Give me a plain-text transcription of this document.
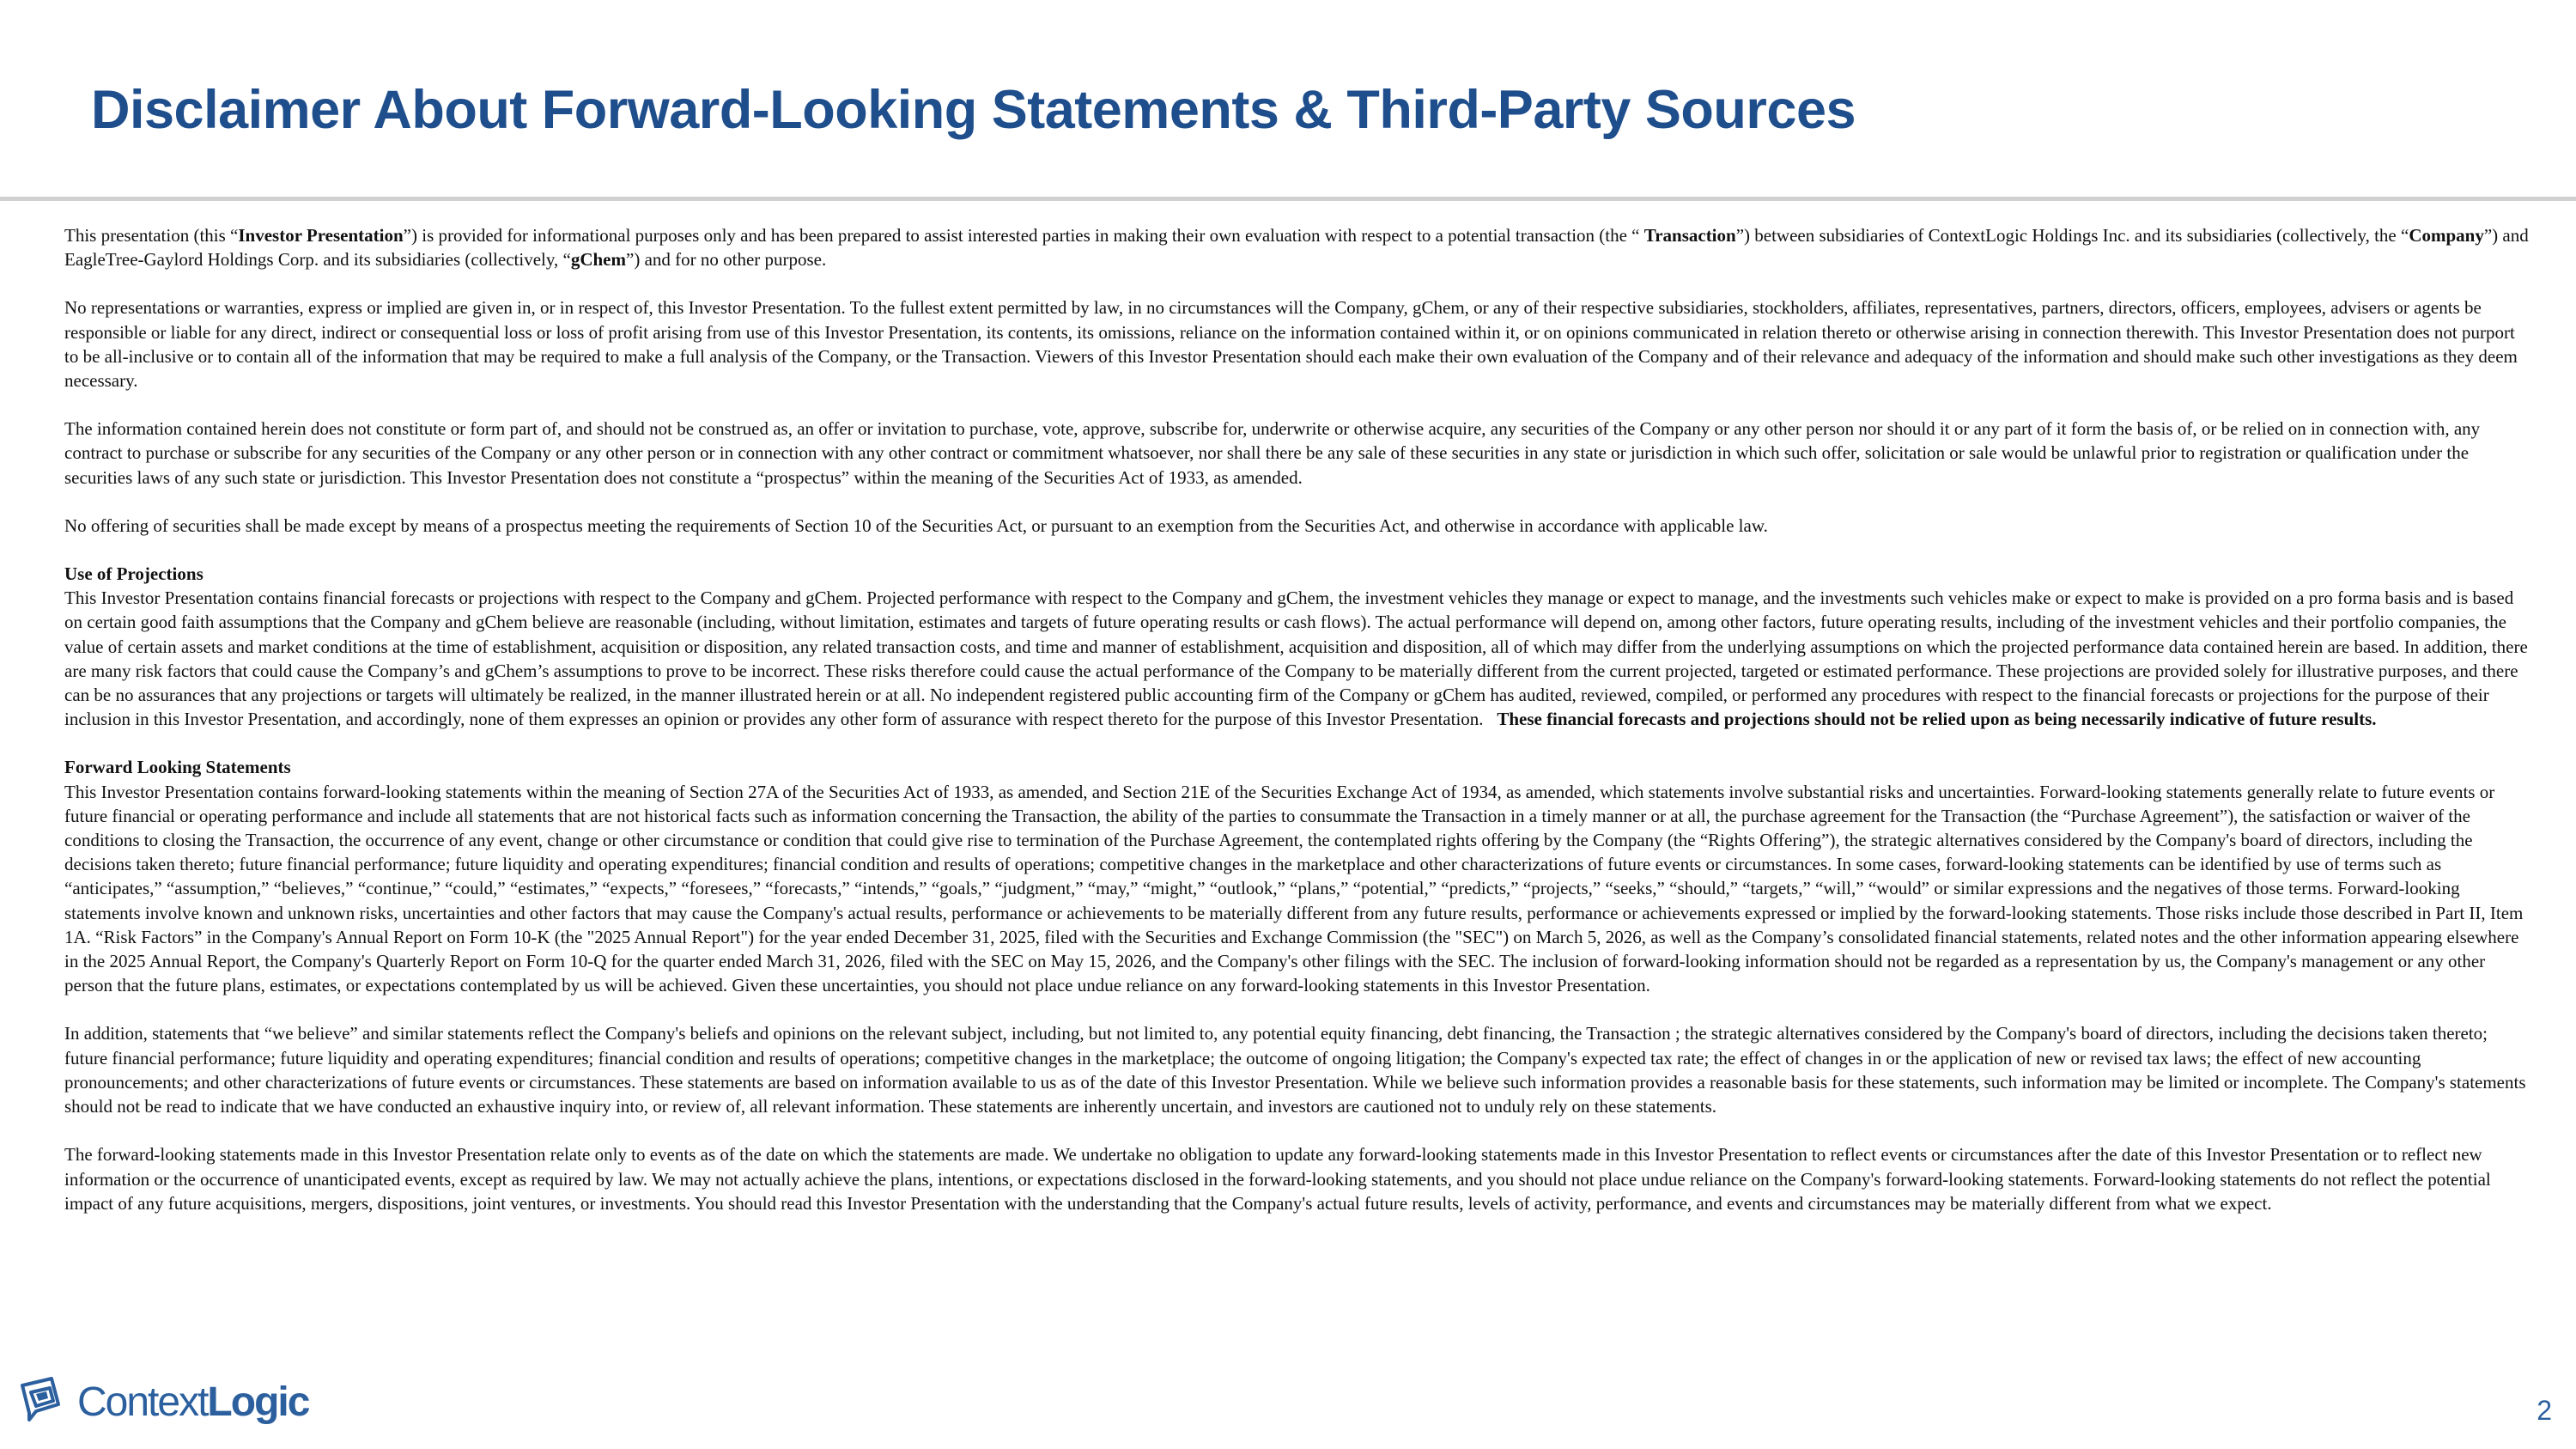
Disclaimer About Forward-Looking Statements & Third-Party Sources

This presentation (this “Investor Presentation”) is provided for informational purposes only and has been prepared to assist interested parties in making their own evaluation with respect to a potential transaction (the “ Transaction”) between subsidiaries of ContextLogic Holdings Inc. and its subsidiaries (collectively, the “Company”) and EagleTree-Gaylord Holdings Corp. and its subsidiaries (collectively, “gChem”) and for no other purpose.

No representations or warranties, express or implied are given in, or in respect of, this Investor Presentation. To the fullest extent permitted by law, in no circumstances will the Company, gChem, or any of their respective subsidiaries, stockholders, affiliates, representatives, partners, directors, officers, employees, advisers or agents be responsible or liable for any direct, indirect or consequential loss or loss of profit arising from use of this Investor Presentation, its contents, its omissions, reliance on the information contained within it, or on opinions communicated in relation thereto or otherwise arising in connection therewith. This Investor Presentation does not purport to be all-inclusive or to contain all of the information that may be required to make a full analysis of the Company, or the Transaction. Viewers of this Investor Presentation should each make their own evaluation of the Company and of their relevance and adequacy of the information and should make such other investigations as they deem necessary.

The information contained herein does not constitute or form part of, and should not be construed as, an offer or invitation to purchase, vote, approve, subscribe for, underwrite or otherwise acquire, any securities of the Company or any other person nor should it or any part of it form the basis of, or be relied on in connection with, any contract to purchase or subscribe for any securities of the Company or any other person or in connection with any other contract or commitment whatsoever, nor shall there be any sale of these securities in any state or jurisdiction in which such offer, solicitation or sale would be unlawful prior to registration or qualification under the securities laws of any such state or jurisdiction. This Investor Presentation does not constitute a “prospectus” within the meaning of the Securities Act of 1933, as amended.

No offering of securities shall be made except by means of a prospectus meeting the requirements of Section 10 of the Securities Act, or pursuant to an exemption from the Securities Act, and otherwise in accordance with applicable law.

Use of Projections
This Investor Presentation contains financial forecasts or projections with respect to the Company and gChem. Projected performance with respect to the Company and gChem, the investment vehicles they manage or expect to manage, and the investments such vehicles make or expect to make is provided on a pro forma basis and is based on certain good faith assumptions that the Company and gChem believe are reasonable (including, without limitation, estimates and targets of future operating results or cash flows). The actual performance will depend on, among other factors, future operating results, including of the investment vehicles and their portfolio companies, the value of certain assets and market conditions at the time of establishment, acquisition or disposition, any related transaction costs, and time and manner of establishment, acquisition and disposition, all of which may differ from the underlying assumptions on which the projected performance data contained herein are based. In addition, there are many risk factors that could cause the Company’s and gChem’s assumptions to prove to be incorrect. These risks therefore could cause the actual performance of the Company to be materially different from the current projected, targeted or estimated performance. These projections are provided solely for illustrative purposes, and there can be no assurances that any projections or targets will ultimately be realized, in the manner illustrated herein or at all. No independent registered public accounting firm of the Company or gChem has audited, reviewed, compiled, or performed any procedures with respect to the financial forecasts or projections for the purpose of their inclusion in this Investor Presentation, and accordingly, none of them expresses an opinion or provides any other form of assurance with respect thereto for the purpose of this Investor Presentation. These financial forecasts and projections should not be relied upon as being necessarily indicative of future results.

Forward Looking Statements
This Investor Presentation contains forward-looking statements within the meaning of Section 27A of the Securities Act of 1933, as amended, and Section 21E of the Securities Exchange Act of 1934, as amended, which statements involve substantial risks and uncertainties. Forward-looking statements generally relate to future events or future financial or operating performance and include all statements that are not historical facts such as information concerning the Transaction, the ability of the parties to consummate the Transaction in a timely manner or at all, the purchase agreement for the Transaction (the “Purchase Agreement”), the satisfaction or waiver of the conditions to closing the Transaction, the occurrence of any event, change or other circumstance or condition that could give rise to termination of the Purchase Agreement, the contemplated rights offering by the Company (the “Rights Offering”), the strategic alternatives considered by the Company's board of directors, including the decisions taken thereto; future financial performance; future liquidity and operating expenditures; financial condition and results of operations; competitive changes in the marketplace and other characterizations of future events or circumstances. In some cases, forward-looking statements can be identified by use of terms such as “anticipates,” “assumption,” “believes,” “continue,” “could,” “estimates,” “expects,” “foresees,” “forecasts,” “intends,” “goals,” “judgment,” “may,” “might,” “outlook,” “plans,” “potential,” “predicts,” “projects,” “seeks,” “should,” “targets,” “will,” “would” or similar expressions and the negatives of those terms. Forward-looking statements involve known and unknown risks, uncertainties and other factors that may cause the Company's actual results, performance or achievements to be materially different from any future results, performance or achievements expressed or implied by the forward-looking statements. Those risks include those described in Part II, Item 1A. “Risk Factors” in the Company's Annual Report on Form 10-K (the "2025 Annual Report") for the year ended December 31, 2025, filed with the Securities and Exchange Commission (the "SEC") on March 5, 2026, as well as the Company’s consolidated financial statements, related notes and the other information appearing elsewhere in the 2025 Annual Report, the Company's Quarterly Report on Form 10-Q for the quarter ended March 31, 2026, filed with the SEC on May 15, 2026, and the Company's other filings with the SEC. The inclusion of forward-looking information should not be regarded as a representation by us, the Company's management or any other person that the future plans, estimates, or expectations contemplated by us will be achieved. Given these uncertainties, you should not place undue reliance on any forward-looking statements in this Investor Presentation.

In addition, statements that “we believe” and similar statements reflect the Company's beliefs and opinions on the relevant subject, including, but not limited to, any potential equity financing, debt financing, the Transaction ; the strategic alternatives considered by the Company's board of directors, including the decisions taken thereto; future financial performance; future liquidity and operating expenditures; financial condition and results of operations; competitive changes in the marketplace; the outcome of ongoing litigation; the Company's expected tax rate; the effect of changes in or the application of new or revised tax laws; the effect of new accounting pronouncements; and other characterizations of future events or circumstances. These statements are based on information available to us as of the date of this Investor Presentation. While we believe such information provides a reasonable basis for these statements, such information may be limited or incomplete. The Company's statements should not be read to indicate that we have conducted an exhaustive inquiry into, or review of, all relevant information. These statements are inherently uncertain, and investors are cautioned not to unduly rely on these statements.

The forward-looking statements made in this Investor Presentation relate only to events as of the date on which the statements are made. We undertake no obligation to update any forward-looking statements made in this Investor Presentation to reflect events or circumstances after the date of this Investor Presentation or to reflect new information or the occurrence of unanticipated events, except as required by law. We may not actually achieve the plans, intentions, or expectations disclosed in the forward-looking statements, and you should not place undue reliance on the Company's forward-looking statements. Forward-looking statements do not reflect the potential impact of any future acquisitions, mergers, dispositions, joint ventures, or investments. You should read this Investor Presentation with the understanding that the Company's actual future results, levels of activity, performance, and events and circumstances may be materially different from what we expect.

ContextLogic	2
